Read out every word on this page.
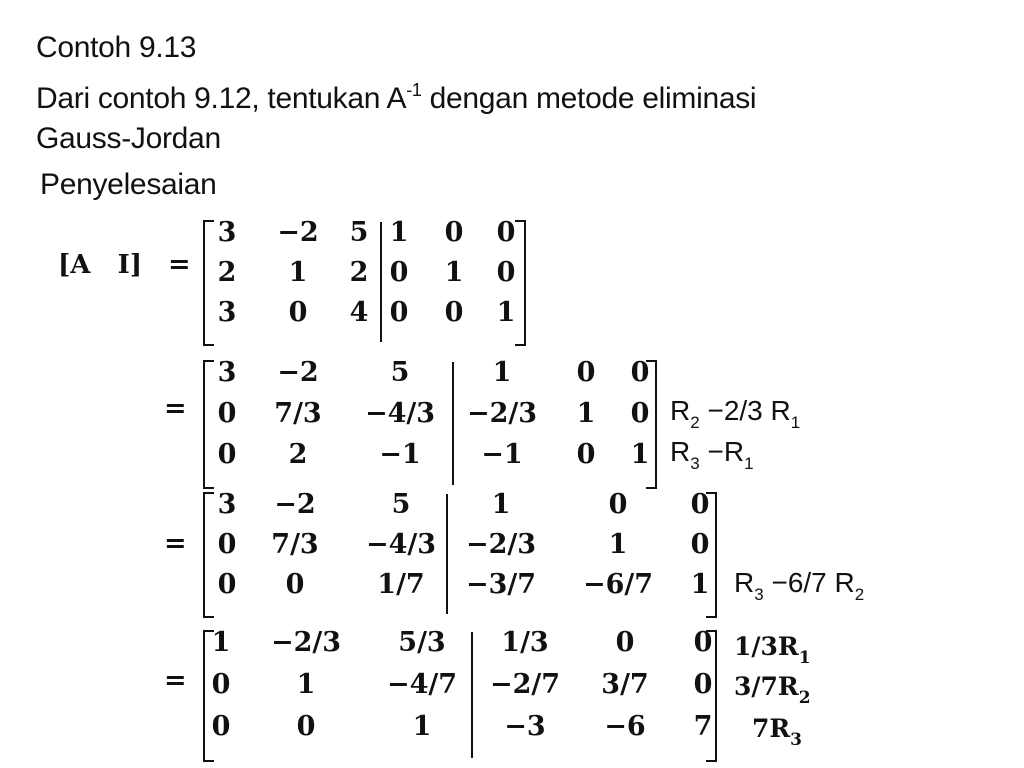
Contoh 9.13
Dari contoh 9.12, tentukan $A^{-1}$ dengan metode eliminasi
Gauss-Jordan
Penyelesaian
[A   I] =
=
=
=
3 −2 5 1 0 0
2 1 2 0 1 0
3 0 4 0 0 1
3 −2	5	1 0 0
0 7/3 −4/3 −2/3 1 0
0 2	−1 −1 0 1
3 −2	5	1	0 0
0 7/3 −4/3 −2/3	1 0
0 0	1/7 −3/7 −6/7 1
1 −2/3 5/3 1/3 0 0
0 1	−4/7 −2/7 3/7 0
0 0	1	−3 −6 7
$R_2 -2/3$ $R_1$
$R_3 -R_1$
$R_3 -6/7$ $R_2$
$1/3R_1$
$3/7R_2$
$7R_3$
